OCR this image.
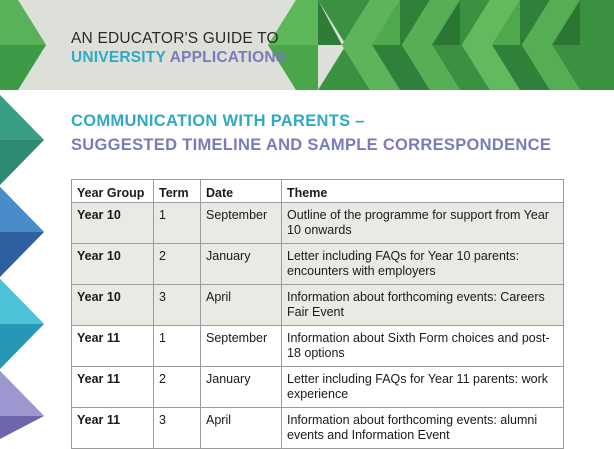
AN EDUCATOR'S GUIDE TO
UNIVERSITY APPLICATIONS
COMMUNICATION WITH PARENTS –
SUGGESTED TIMELINE AND SAMPLE CORRESPONDENCE
Year Group	Term	Date	Theme
Year 10	1	September	Outline of the programme for support from Year 10 onwards
Year 10	2	January	Letter including FAQs for Year 10 parents: encounters with employers
Year 10	3	April	Information about forthcoming events: Careers Fair Event
Year 11	1	September	Information about Sixth Form choices and post-18 options
Year 11	2	January	Letter including FAQs for Year 11 parents: work experience
Year 11	3	April	Information about forthcoming events: alumni events and Information Event
